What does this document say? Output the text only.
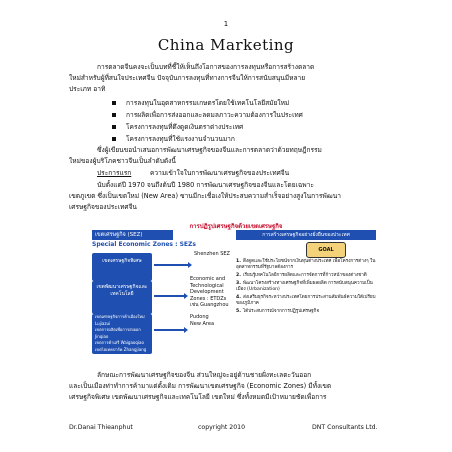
1
China Marketing
การตลาดจีนคงจะเป็นบทที่ชี้ให้เห็นถึงโอกาสของการลงทุนหรือการสร้างตลาด
ใหม่สำหรับผู้ที่สนใจประเทศจีน ปัจจุบันการลงทุนที่ทางการจีนให้การสนับสนุนมีหลาย
ประเภท อาทิ
การลงทุนในอุตสาหกรรมเกษตรโดยใช้เทคโนโลยีสมัยใหม่
การผลิตเพื่อการส่งออกและลดมลภาวะความต้องการในประเทศ
โครงการลงทุนที่ดึงดูดเงินตราต่างประเทศ
โครงการลงทุนที่ใช้แรงงานจำนวนมาก
ซึ่งผู้เขียนขอนำเสนอการพัฒนาเศรษฐกิจของจีนและการตลาดว่าด้วยทฤษฎีกรรม
ใหม่ของผู้บริโภคชาวจีนเป็นลำดับดังนี้
ประการแรก	ความเข้าใจในการพัฒนาเศรษฐกิจของประเทศจีน
นับตั้งแต่ปี 1970 จนถึงต้นปี 1980 การพัฒนาเศรษฐกิจของจีนและโดยเฉพาะ
เขตภูเขต ซึ่งเป็นเขตใหม่ (New Area) ซานมีกะเชื่อเงให้ประสบความสำเร็จอย่างสูงในการพัฒนา
เศรษฐกิจของประเทศจีน
การปฏิรูปเศรษฐกิจด้วยเขตเศรษฐกิจ
เขตเศรษฐกิจ (SEZ)
Special Economic Zones : SEZs
เขตเศรษฐกิจพิเศษ
เขตพัฒนาเศรษฐกิจและเทคโนโลยี
เขตเศรษฐกิจการค้าเมืองใหม่ Lujiazui
เขตการผลิตเพื่อการส่งออก Jinqiao
เขตการค้าเสรี Waigaoqiao
เขตไฮเทคปาร์ค Zhangjiang
Shenzhen SEZ
Economic and
Technological
Development
Zones : ETDZs
เช่น Guangzhou
Pudong
New Area
การสร้างเศรษฐกิจอย่างยั่งยืนของประเทศ
GOAL
1. ดึงดูดและใช้ประโยชน์จากเงินทุนต่างประเทศ เพื่อโครงการต่างๆ ในอุตสาหกรรมที่รัฐบาลต้องการ
2. เรียนรู้เทคโนโลยีการผลิตและการจัดการที่ก้าวหน้าของต่างชาติ
3. พัฒนาโครงสร้างทางเศรษฐกิจที่เพิ่มผลผลิต การสนับสนุนความเป็นเมือง (Urbanization)
4. ส่งเสริมธุรกิจระหว่างประเทศโดยการประสานสัมพันธ์ความใต้เปรียบของภูมิภาค
5. ได้ประสบการณ์จากการปฏิรูปเศรษฐกิจ
ลักษณะการพัฒนาเศรษฐกิจของจีน ส่วนใหญ่จะอยู่ด้านชายฝั่งทะเลตะวันออก
และเป็นเมืองท่าทำการค้ามาแต่ดั้งเดิม การพัฒนาเขตเศรษฐกิจ (Economic Zones) มีทั้งเขต
เศรษฐกิจพิเศษ เขตพัฒนาเศรษฐกิจและเทคโนโลยี เขตใหม่ ซึ่งทั้งหมดมีเป้าหมายชัดเพื่อการ
Dr.Danai Thieanphut	copyright 2010	DNT Consultants Ltd.
